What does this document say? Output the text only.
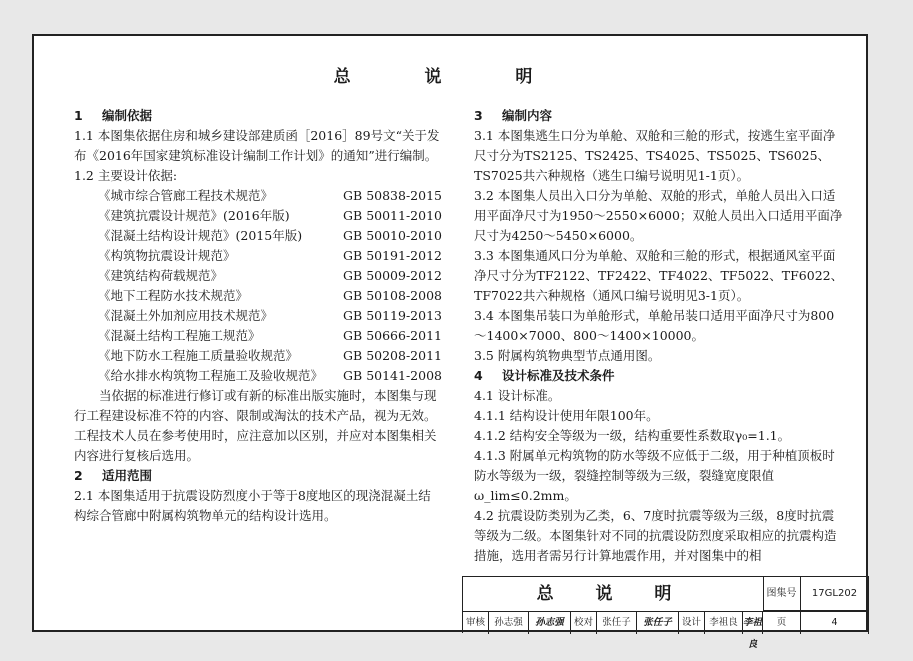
总 说 明
1 编制依据

1.1 本图集依据住房和城乡建设部建质函［2016］89号文“关于发布《2016年国家建筑标准设计编制工作计划》的通知”进行编制。

1.2 主要设计依据:

《城市综合管廊工程技术规范》	GB 50838-2015
《建筑抗震设计规范》(2016年版)	GB 50011-2010
《混凝土结构设计规范》(2015年版)	GB 50010-2010
《构筑物抗震设计规范》	GB 50191-2012
《建筑结构荷载规范》	GB 50009-2012
《地下工程防水技术规范》	GB 50108-2008
《混凝土外加剂应用技术规范》	GB 50119-2013
《混凝土结构工程施工规范》	GB 50666-2011
《地下防水工程施工质量验收规范》	GB 50208-2011
《给水排水构筑物工程施工及验收规范》	GB 50141-2008

当依据的标准进行修订或有新的标准出版实施时，本图集与现行工程建设标准不符的内容、限制或淘汰的技术产品，视为无效。工程技术人员在参考使用时，应注意加以区别，并应对本图集相关内容进行复核后选用。

2 适用范围

2.1 本图集适用于抗震设防烈度小于等于8度地区的现浇混凝土结构综合管廊中附属构筑物单元的结构设计选用。

3 编制内容

3.1 本图集逃生口分为单舱、双舱和三舱的形式，按逃生室平面净尺寸分为TS2125、TS2425、TS4025、TS5025、TS6025、TS7025共六种规格（逃生口编号说明见1-1页）。

3.2 本图集人员出入口分为单舱、双舱的形式，单舱人员出入口适用平面净尺寸为1950～2550×6000；双舱人员出入口适用平面净尺寸为4250～5450×6000。

3.3 本图集通风口分为单舱、双舱和三舱的形式，根据通风室平面净尺寸分为TF2122、TF2422、TF4022、TF5022、TF6022、TF7022共六种规格（通风口编号说明见3-1页）。

3.4 本图集吊装口为单舱形式，单舱吊装口适用平面净尺寸为800～1400×7000、800～1400×10000。

3.5 附属构筑物典型节点通用图。

4 设计标准及技术条件

4.1 设计标准。

4.1.1 结构设计使用年限100年。

4.1.2 结构安全等级为一级，结构重要性系数取γ₀=1.1。

4.1.3 附属单元构筑物的防水等级不应低于二级，用于种植顶板时防水等级为一级，裂缝控制等级为三级，裂缝宽度限值ω_lim≤0.2mm。

4.2 抗震设防类别为乙类，6、7度时抗震等级为三级，8度时抗震等级为二级。本图集针对不同的抗震设防烈度采取相应的抗震构造措施，选用者需另行计算地震作用，并对图集中的相

总 说 明	图集号	17GL202
审核 孙志强 孙志强 校对 张任子 张任子 设计 李祖良 李祖良页	4
